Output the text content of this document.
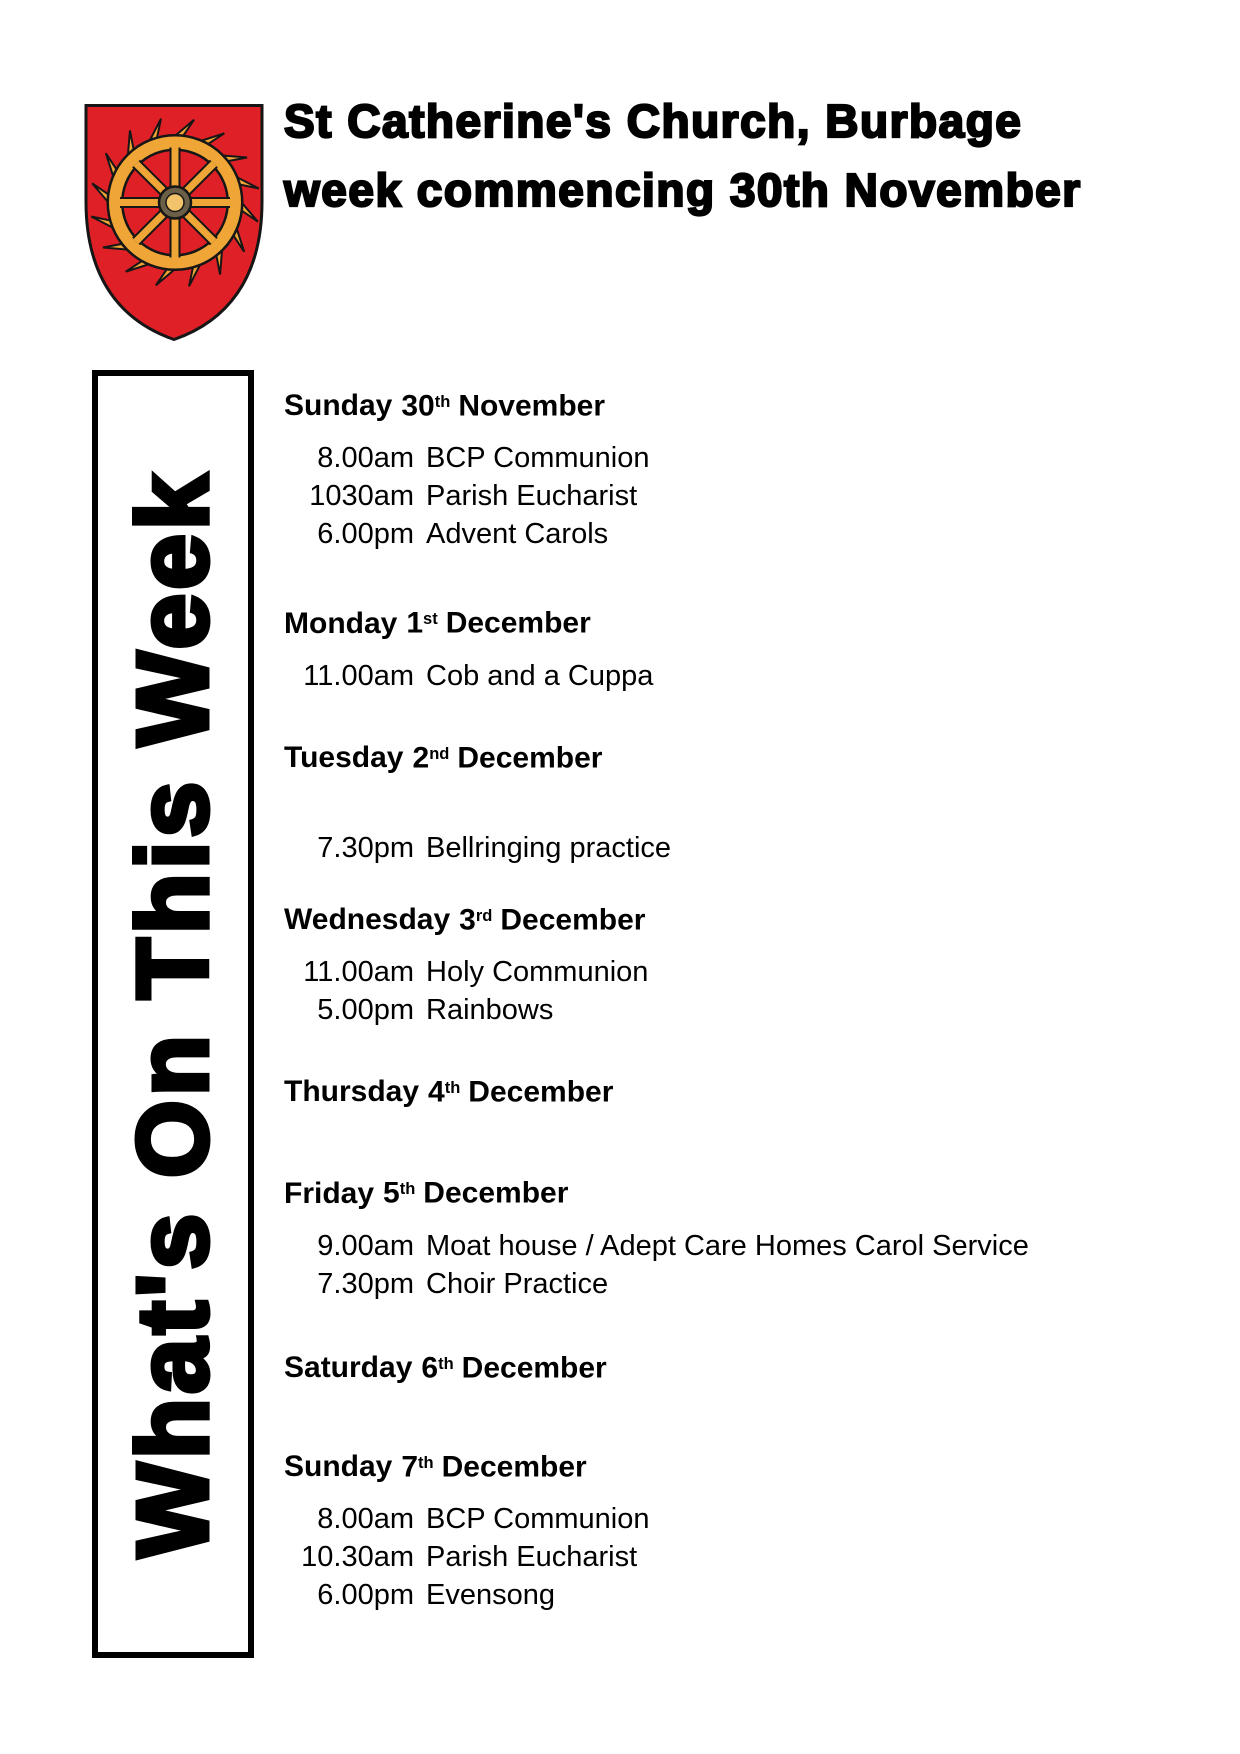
St Catherine's Church, Burbage
week commencing 30th November
What's On This Week
Sunday 30th November
8.00am BCP Communion
1030am Parish Eucharist
6.00pm Advent Carols
Monday 1st December
11.00am Cob and a Cuppa
Tuesday 2nd December
7.30pm Bellringing practice
Wednesday 3rd December
11.00am Holy Communion
5.00pm Rainbows
Thursday 4th December
Friday 5th December
9.00am Moat house / Adept Care Homes Carol Service
7.30pm Choir Practice
Saturday 6th December
Sunday 7th December
8.00am BCP Communion
10.30am Parish Eucharist
6.00pm Evensong
